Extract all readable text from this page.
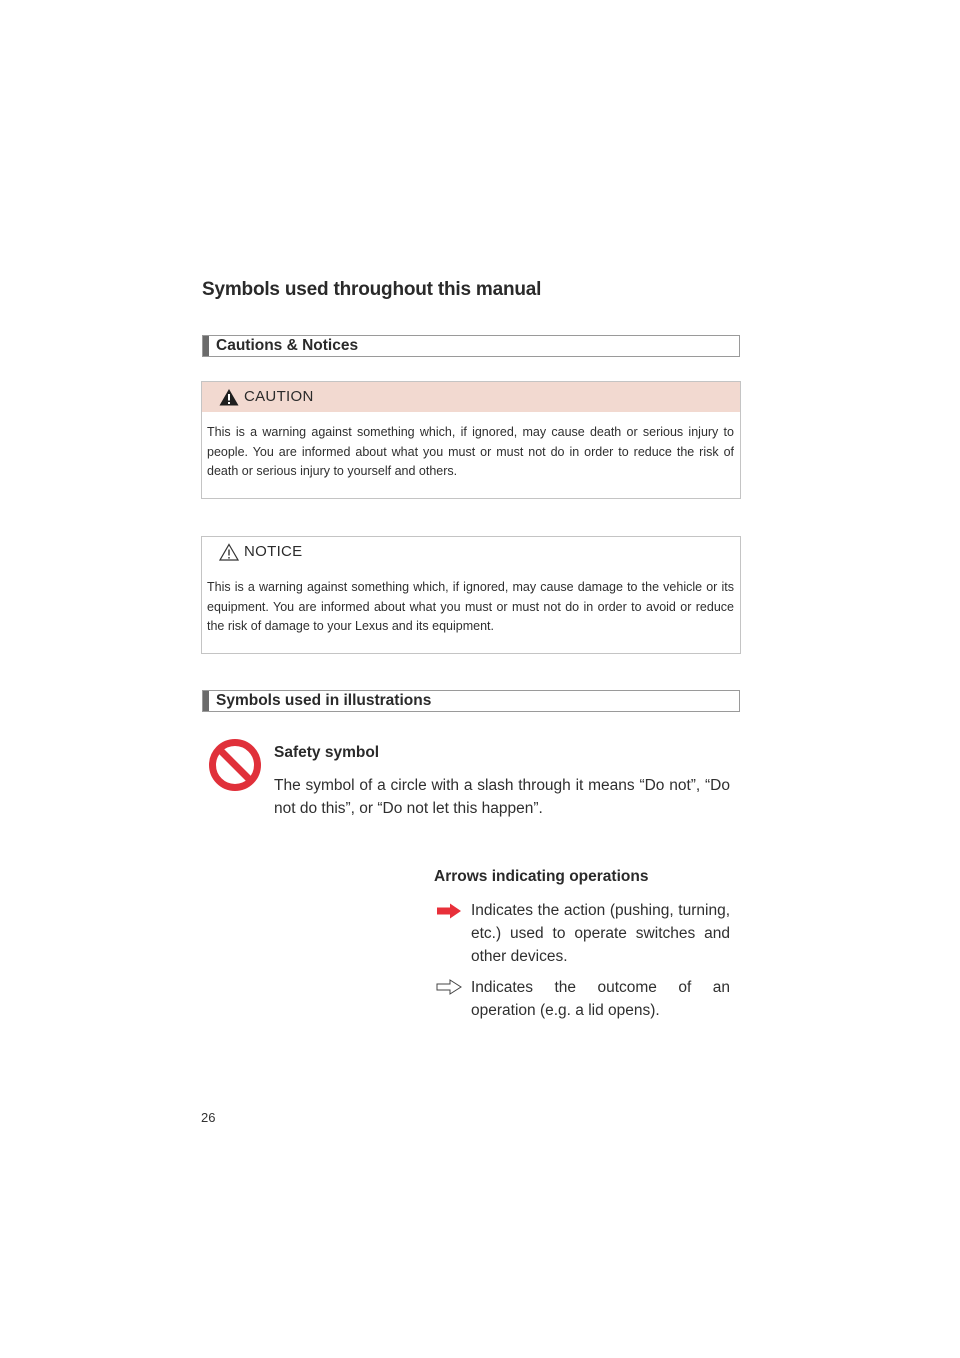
Symbols used throughout this manual
Cautions & Notices
CAUTION
This is a warning against something which, if ignored, may cause death or serious injury to people. You are informed about what you must or must not do in order to reduce the risk of death or serious injury to yourself and others.
NOTICE
This is a warning against something which, if ignored, may cause damage to the vehicle or its equipment. You are informed about what you must or must not do in order to avoid or reduce the risk of damage to your Lexus and its equipment.
Symbols used in illustrations
Safety symbol
The symbol of a circle with a slash through it means “Do not”, “Do not do this”, or “Do not let this happen”.
Arrows indicating operations
Indicates the action (pushing, turning, etc.) used to operate switches and other devices.
Indicates the outcome of an operation (e.g. a lid opens).
26
